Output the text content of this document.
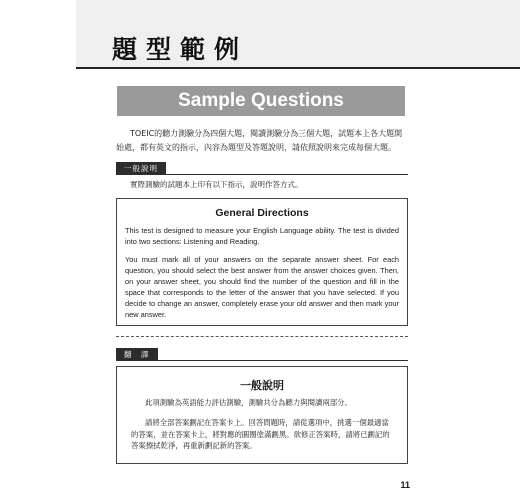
題型範例
Sample Questions
TOEIC的聽力測驗分為四個大題，閱讀測驗分為三個大題，試題本上各大題開始處，都有英文的指示，內容為題型及答題說明，請依照說明來完成每個大題。
一般說明
實際測驗的試題本上印有以下指示，說明作答方式。
General Directions
This test is designed to measure your English Language ability. The test is divided into two sections: Listening and Reading.
You must mark all of your answers on the separate answer sheet. For each question, you should select the best answer from the answer choices given. Then, on your answer sheet, you should find the number of the question and fill in the space that corresponds to the letter of the answer that you have selected. If you decide to change an answer, completely erase your old answer and then mark your new answer.
翻　譯
一般說明
此項測驗為英語能力評估測驗，測驗共分為聽力與閱讀兩部分。
請將全部答案劃記在答案卡上。回答問題時，請從選項中，挑選一個最適當的答案，並在答案卡上，將對應的圓圈塗滿劃黑。欲修正答案時，請將已劃記的答案擦拭乾淨，再重新劃記新的答案。
11
